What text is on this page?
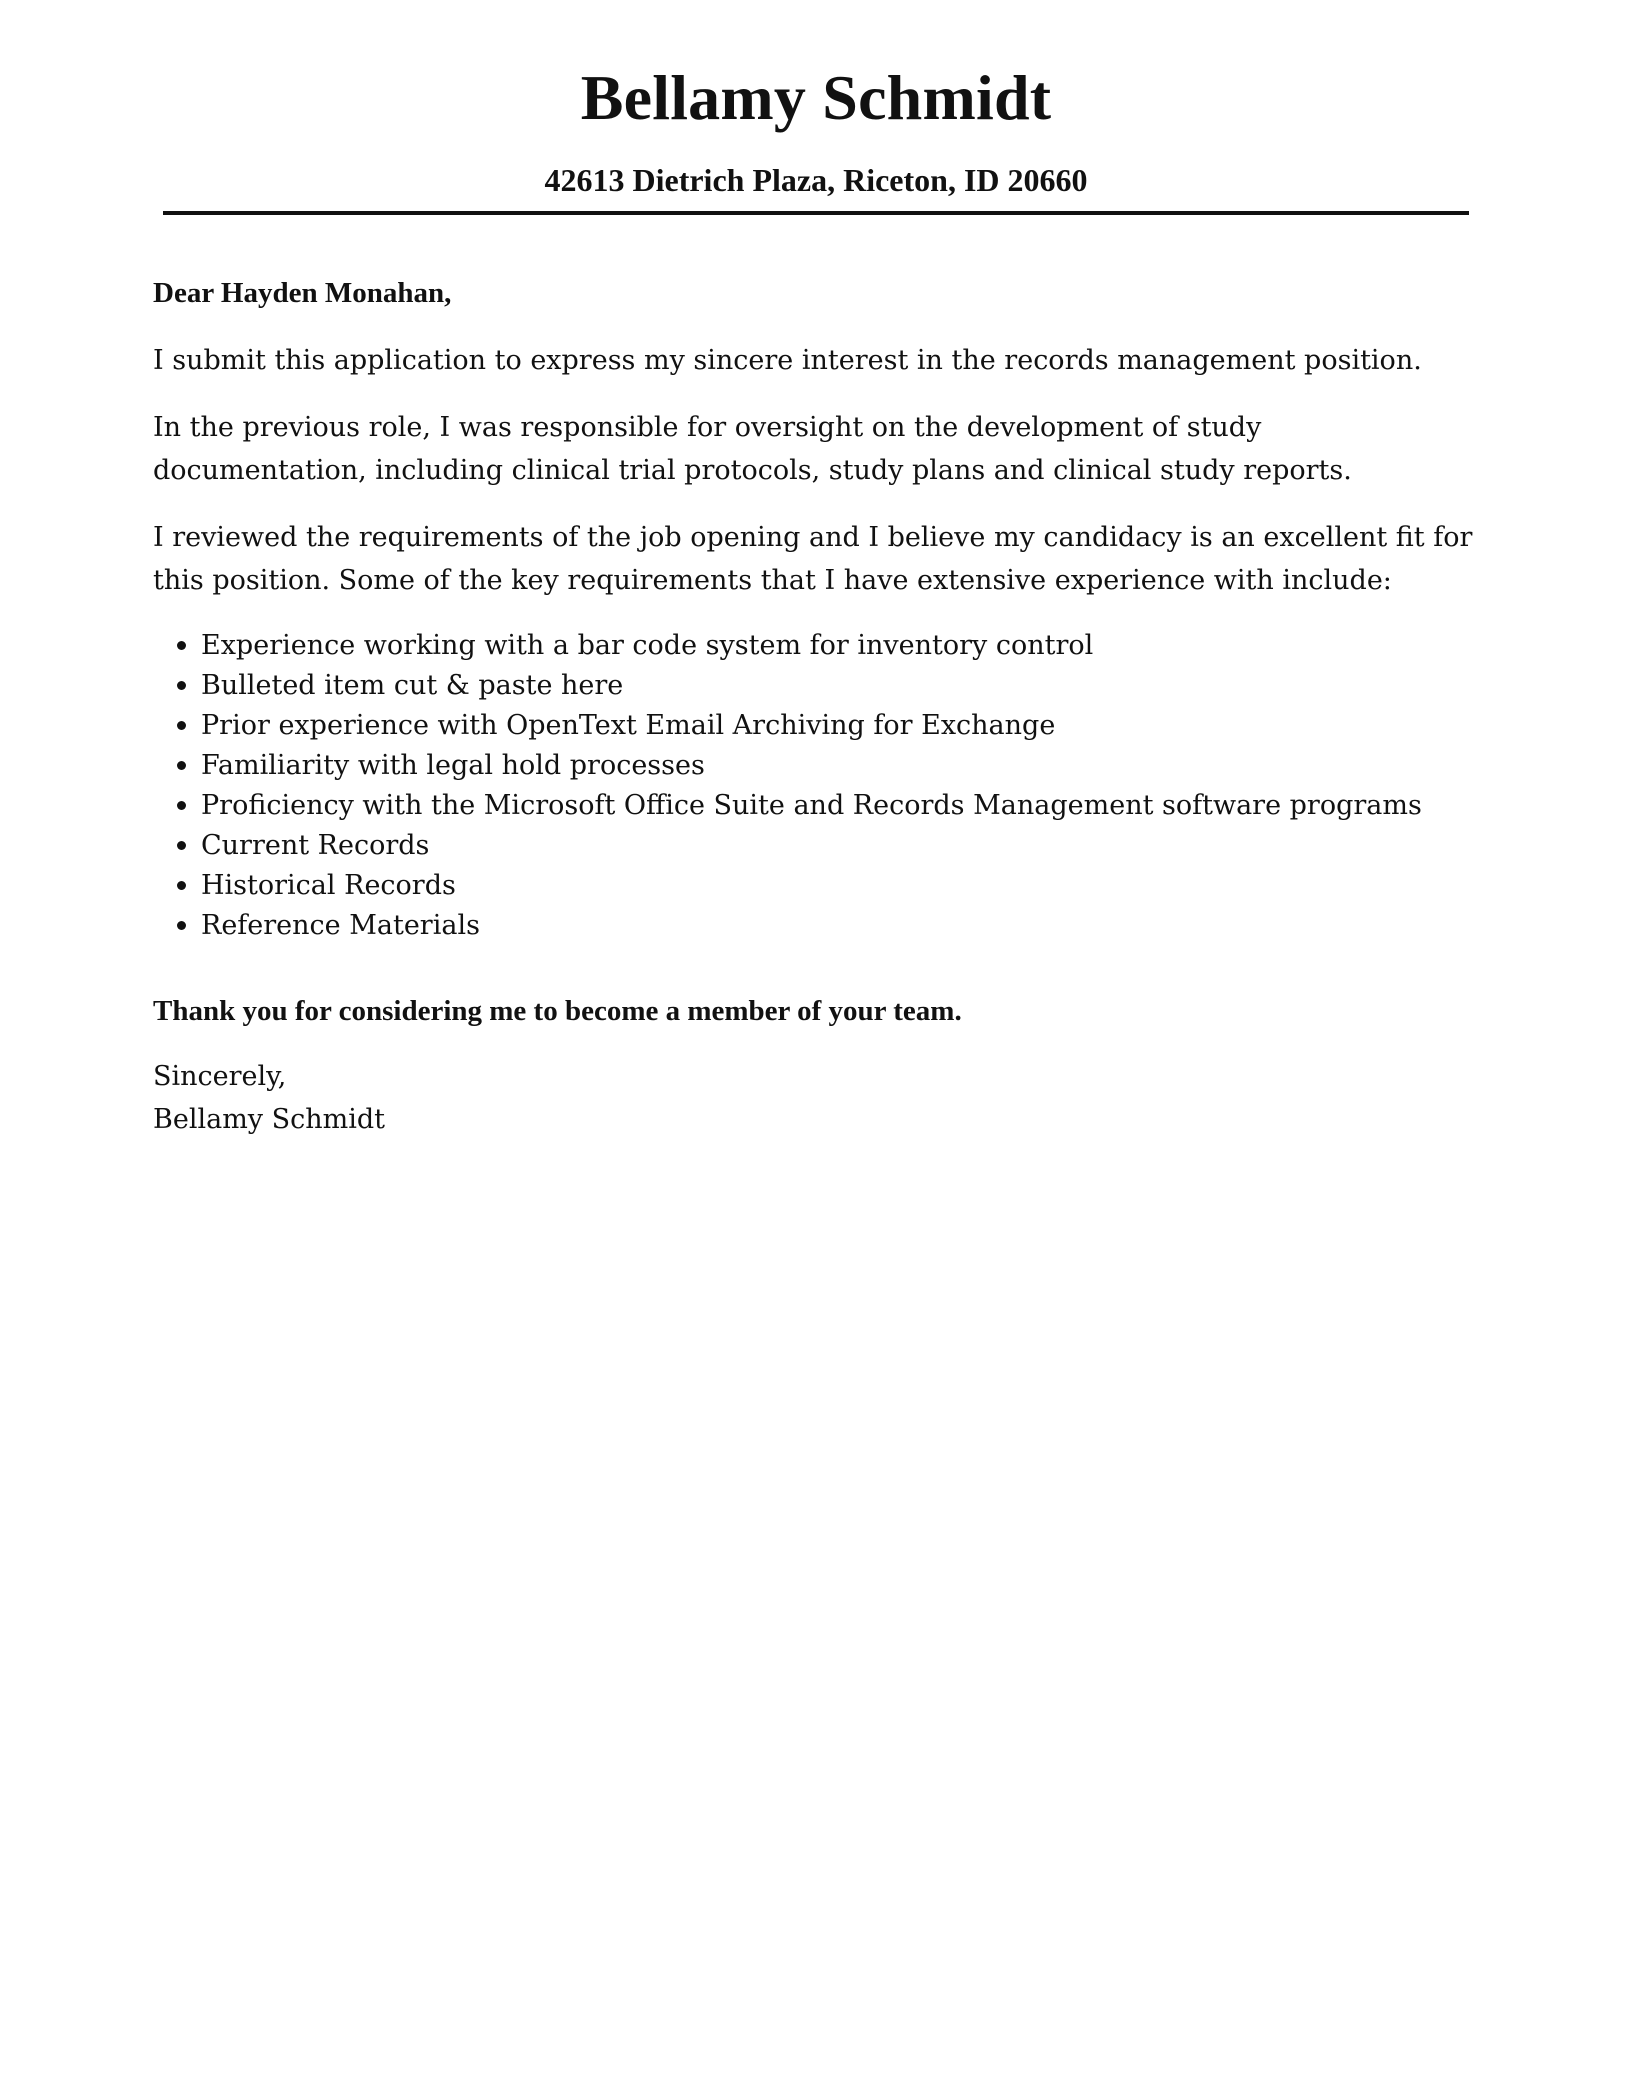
Bellamy Schmidt
42613 Dietrich Plaza, Riceton, ID 20660

Dear Hayden Monahan,

I submit this application to express my sincere interest in the records management position.

In the previous role, I was responsible for oversight on the development of study documentation, including clinical trial protocols, study plans and clinical study reports.

I reviewed the requirements of the job opening and I believe my candidacy is an excellent fit for this position. Some of the key requirements that I have extensive experience with include:

Experience working with a bar code system for inventory control
Bulleted item cut & paste here
Prior experience with OpenText Email Archiving for Exchange
Familiarity with legal hold processes
Proficiency with the Microsoft Office Suite and Records Management software programs
Current Records
Historical Records
Reference Materials

Thank you for considering me to become a member of your team.

Sincerely,
Bellamy Schmidt
